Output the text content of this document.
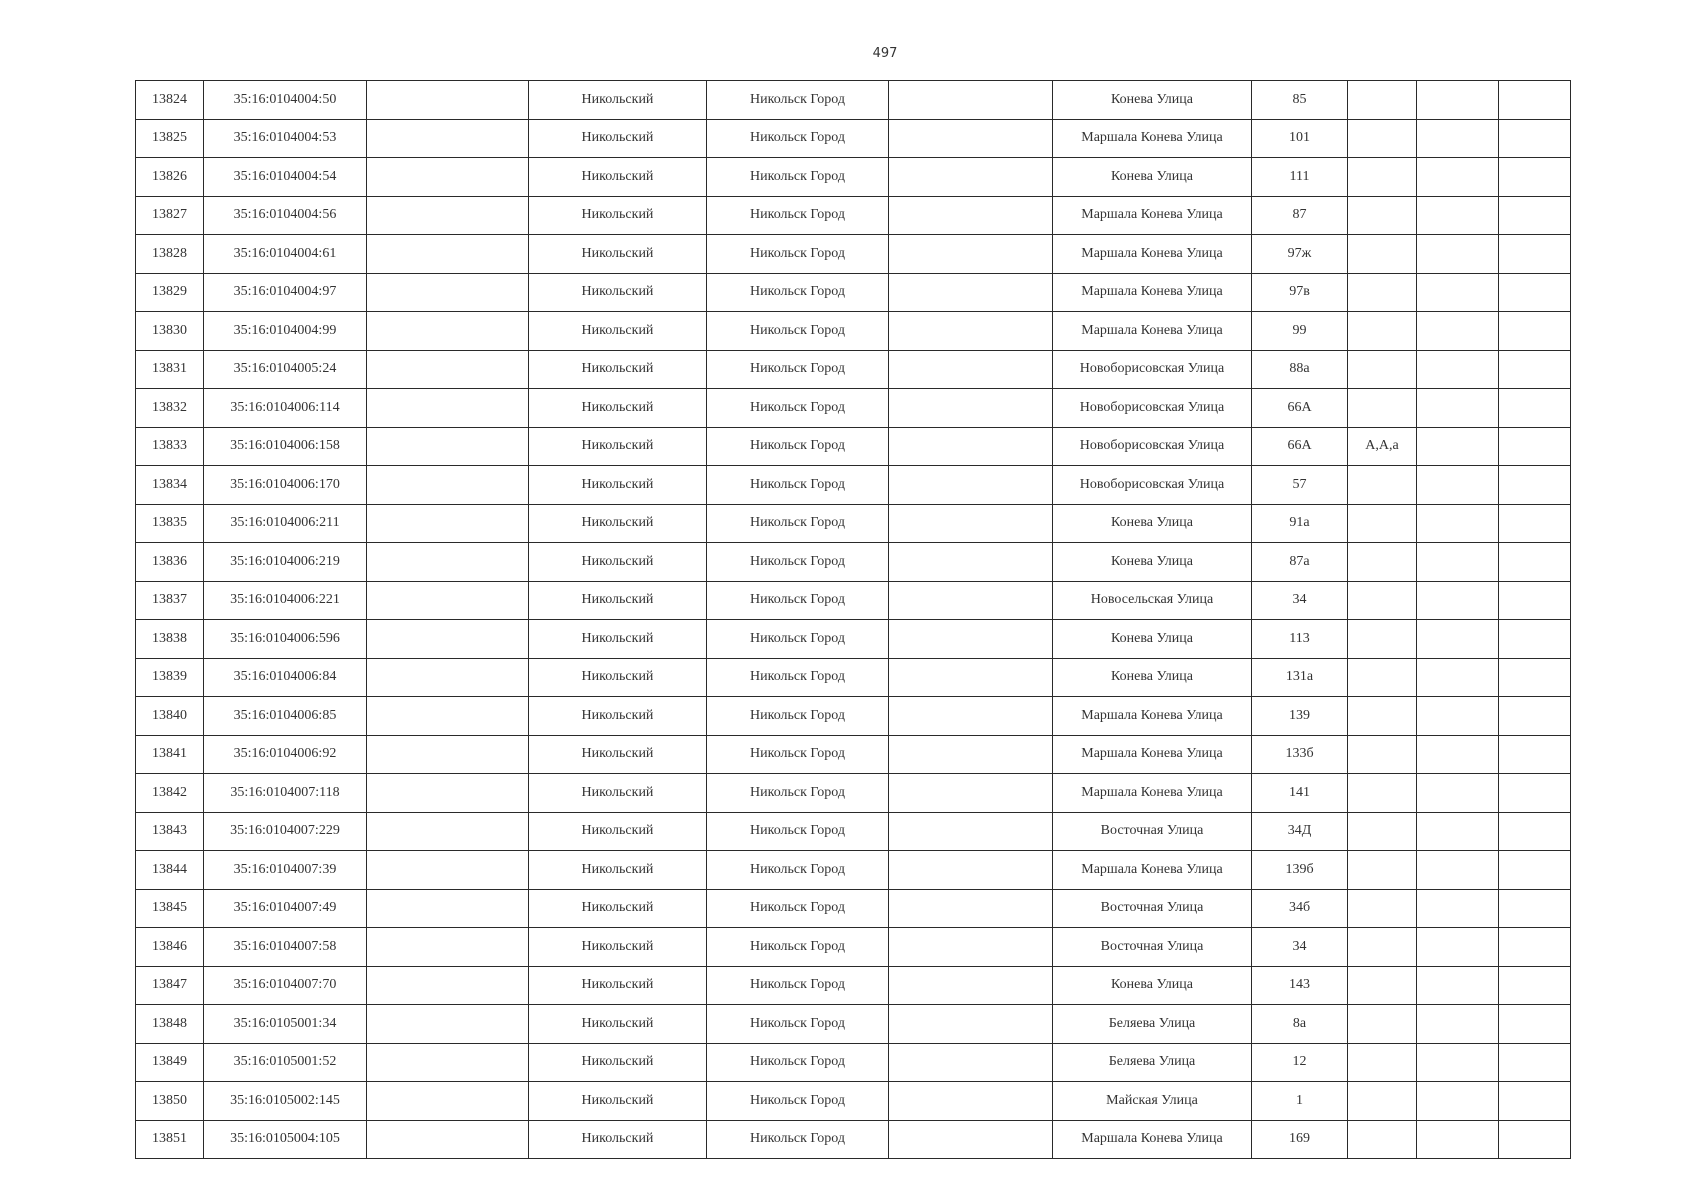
497
13824	35:16:0104004:50		Никольский	Никольск Город		Конева Улица	85			
13825	35:16:0104004:53		Никольский	Никольск Город		Маршала Конева Улица	101			
13826	35:16:0104004:54		Никольский	Никольск Город		Конева Улица	111			
13827	35:16:0104004:56		Никольский	Никольск Город		Маршала Конева Улица	87			
13828	35:16:0104004:61		Никольский	Никольск Город		Маршала Конева Улица	97ж			
13829	35:16:0104004:97		Никольский	Никольск Город		Маршала Конева Улица	97в			
13830	35:16:0104004:99		Никольский	Никольск Город		Маршала Конева Улица	99			
13831	35:16:0104005:24		Никольский	Никольск Город		Новоборисовская Улица	88а			
13832	35:16:0104006:114		Никольский	Никольск Город		Новоборисовская Улица	66А			
13833	35:16:0104006:158		Никольский	Никольск Город		Новоборисовская Улица	66А	А,А,а		
13834	35:16:0104006:170		Никольский	Никольск Город		Новоборисовская Улица	57			
13835	35:16:0104006:211		Никольский	Никольск Город		Конева Улица	91а			
13836	35:16:0104006:219		Никольский	Никольск Город		Конева Улица	87а			
13837	35:16:0104006:221		Никольский	Никольск Город		Новосельская Улица	34			
13838	35:16:0104006:596		Никольский	Никольск Город		Конева Улица	113			
13839	35:16:0104006:84		Никольский	Никольск Город		Конева Улица	131а			
13840	35:16:0104006:85		Никольский	Никольск Город		Маршала Конева Улица	139			
13841	35:16:0104006:92		Никольский	Никольск Город		Маршала Конева Улица	133б			
13842	35:16:0104007:118		Никольский	Никольск Город		Маршала Конева Улица	141			
13843	35:16:0104007:229		Никольский	Никольск Город		Восточная Улица	34Д			
13844	35:16:0104007:39		Никольский	Никольск Город		Маршала Конева Улица	139б			
13845	35:16:0104007:49		Никольский	Никольск Город		Восточная Улица	34б			
13846	35:16:0104007:58		Никольский	Никольск Город		Восточная Улица	34			
13847	35:16:0104007:70		Никольский	Никольск Город		Конева Улица	143			
13848	35:16:0105001:34		Никольский	Никольск Город		Беляева Улица	8а			
13849	35:16:0105001:52		Никольский	Никольск Город		Беляева Улица	12			
13850	35:16:0105002:145		Никольский	Никольск Город		Майская Улица	1			
13851	35:16:0105004:105		Никольский	Никольск Город		Маршала Конева Улица	169			
